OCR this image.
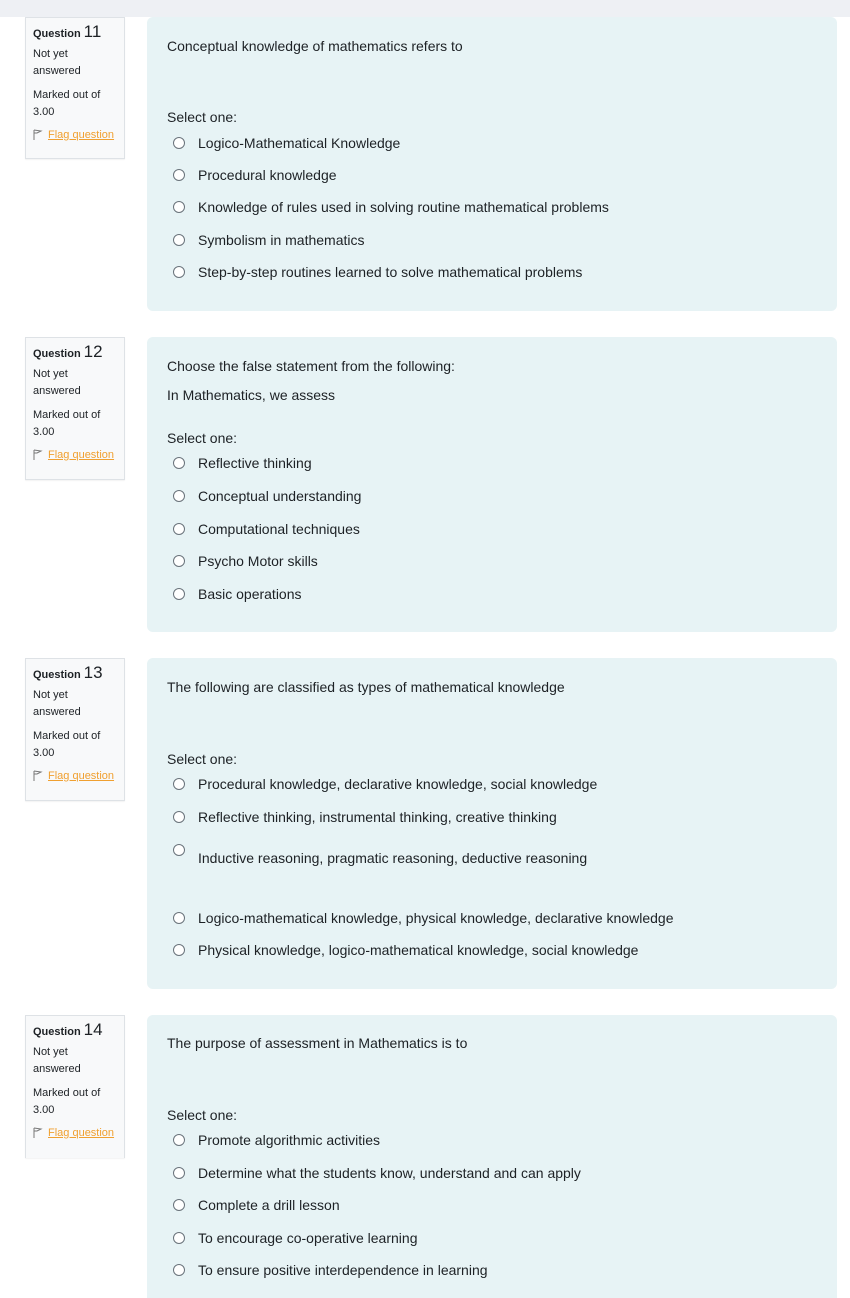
Question 11
Not yet answered
Marked out of 3.00
Flag question
Conceptual knowledge of mathematics refers to
Select one:
Logico-Mathematical Knowledge
Procedural knowledge
Knowledge of rules used in solving routine mathematical problems
Symbolism in mathematics
Step-by-step routines learned to solve mathematical problems
Question 12
Not yet answered
Marked out of 3.00
Flag question
Choose the false statement from the following:
In Mathematics, we assess
Select one:
Reflective thinking
Conceptual understanding
Computational techniques
Psycho Motor skills
Basic operations
Question 13
Not yet answered
Marked out of 3.00
Flag question
The following are classified as types of mathematical knowledge
Select one:
Procedural knowledge, declarative knowledge, social knowledge
Reflective thinking, instrumental thinking, creative thinking
Inductive reasoning, pragmatic reasoning, deductive reasoning
Logico-mathematical knowledge, physical knowledge, declarative knowledge
Physical knowledge, logico-mathematical knowledge, social knowledge
Question 14
Not yet answered
Marked out of 3.00
Flag question
The purpose of assessment in Mathematics is to
Select one:
Promote algorithmic activities
Determine what the students know, understand and can apply
Complete a drill lesson
To encourage co-operative learning
To ensure positive interdependence in learning
